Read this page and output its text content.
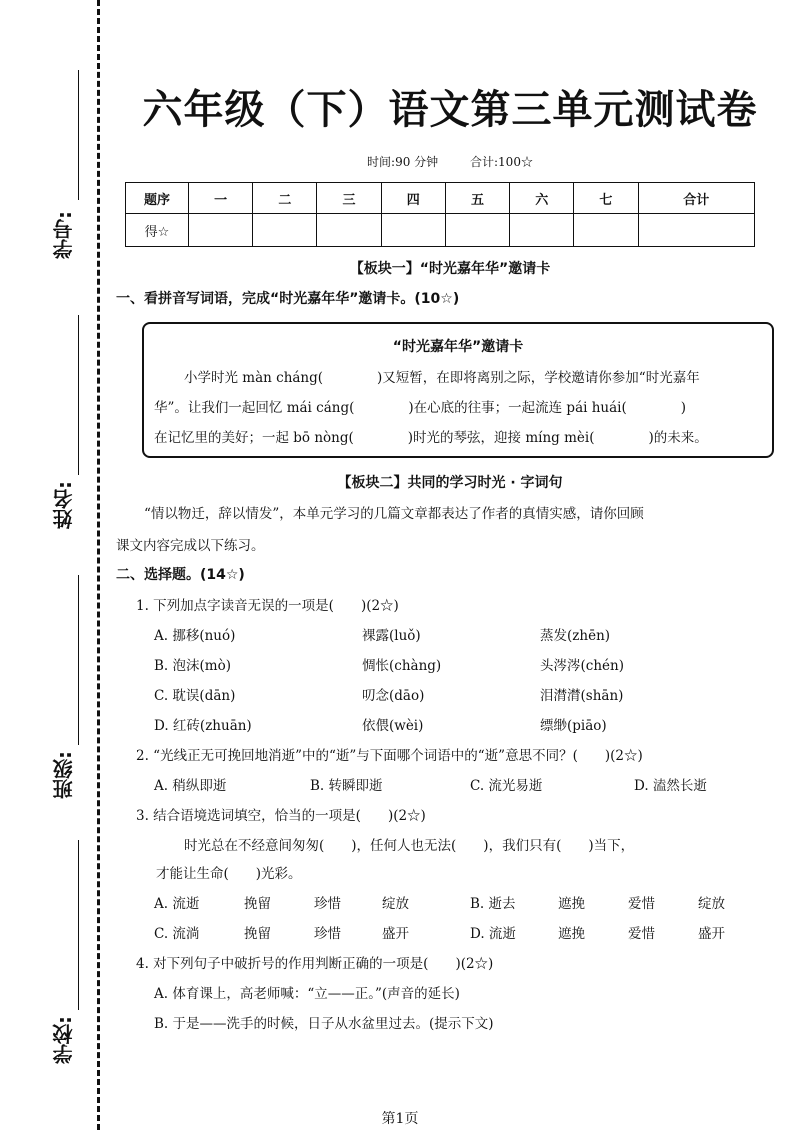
学号:
姓名:
班级:
学校:
六年级（下）语文第三单元测试卷
时间:90 分钟	合计:100☆
题序	一	二	三	四	五	六	七	合计
得☆								
【板块一】“时光嘉年华”邀请卡
一、看拼音写词语，完成“时光嘉年华”邀请卡。(10☆)
“时光嘉年华”邀请卡
小学时光 màn cháng(　　　　)又短暂，在即将离别之际，学校邀请你参加“时光嘉年
华”。让我们一起回忆 mái cáng(　　　　)在心底的往事；一起流连 pái huái(　　　　)
在记忆里的美好；一起 bō nòng(　　　　)时光的琴弦，迎接 míng mèi(　　　　)的未来。
【板块二】共同的学习时光 · 字词句
“情以物迁，辞以情发”，本单元学习的几篇文章都表达了作者的真情实感，请你回顾
课文内容完成以下练习。
二、选择题。(14☆)
1. 下列加点字读音无误的一项是(　　)(2☆)
A. 挪移(nuó)	裸露(luǒ)	蒸发(zhēn)
B. 泡沫(mò)	惆怅(chàng)	头涔涔(chén)
C. 耽误(dān)	叨念(dāo)	泪潸潸(shān)
D. 红砖(zhuān)	依偎(wèi)	缥缈(piāo)
2. “光线正无可挽回地消逝”中的“逝”与下面哪个词语中的“逝”意思不同？(　　)(2☆)
A. 稍纵即逝	B. 转瞬即逝	C. 流光易逝	D. 溘然长逝
3. 结合语境选词填空，恰当的一项是(　　)(2☆)
时光总在不经意间匆匆(　　)，任何人也无法(　　)，我们只有(　　)当下，
才能让生命(　　)光彩。
A. 流逝	挽留	珍惜	绽放	B. 逝去	遮挽	爱惜	绽放
C. 流淌	挽留	珍惜	盛开	D. 流逝	遮挽	爱惜	盛开
4. 对下列句子中破折号的作用判断正确的一项是(　　)(2☆)
A. 体育课上，高老师喊：“立——正。”(声音的延长)
B. 于是——洗手的时候，日子从水盆里过去。(提示下文)
第1页
